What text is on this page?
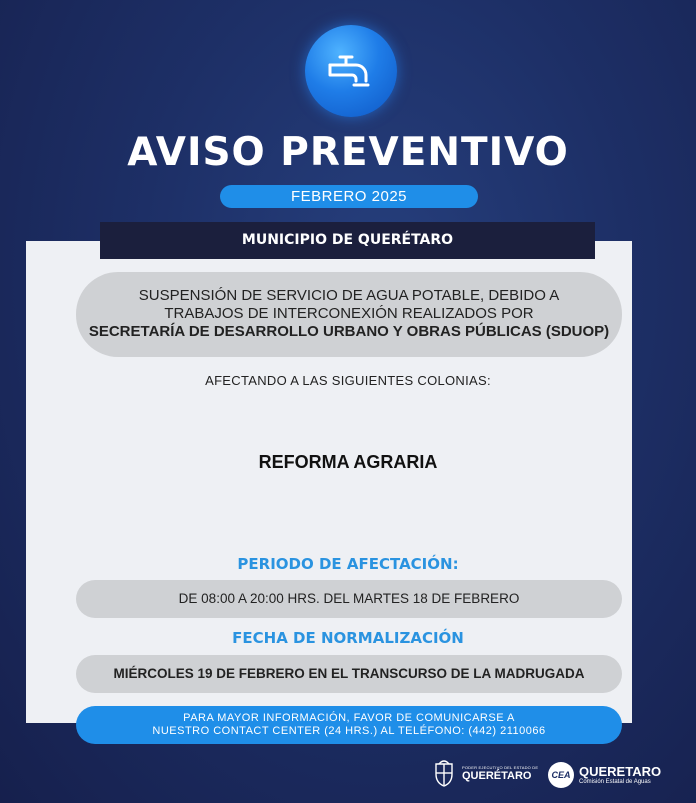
AVISO PREVENTIVO
FEBRERO 2025
MUNICIPIO DE QUERÉTARO
SUSPENSIÓN DE SERVICIO DE AGUA POTABLE, DEBIDO A
TRABAJOS DE INTERCONEXIÓN REALIZADOS POR
SECRETARÍA DE DESARROLLO URBANO Y OBRAS PÚBLICAS (SDUOP)
AFECTANDO A LAS SIGUIENTES COLONIAS:
REFORMA AGRARIA
PERIODO DE AFECTACIÓN:
DE 08:00 A 20:00 HRS. DEL MARTES 18 DE FEBRERO
FECHA DE NORMALIZACIÓN
MIÉRCOLES 19 DE FEBRERO EN EL TRANSCURSO DE LA MADRUGADA
PARA MAYOR INFORMACIÓN, FAVOR DE COMUNICARSE A
NUESTRO CONTACT CENTER (24 HRS.) AL TELÉFONO: (442) 2110066
PODER EJECUTIVO DEL ESTADO DE
QUERÉTARO	CEA QUERETARO
Comisión Estatal de Aguas
